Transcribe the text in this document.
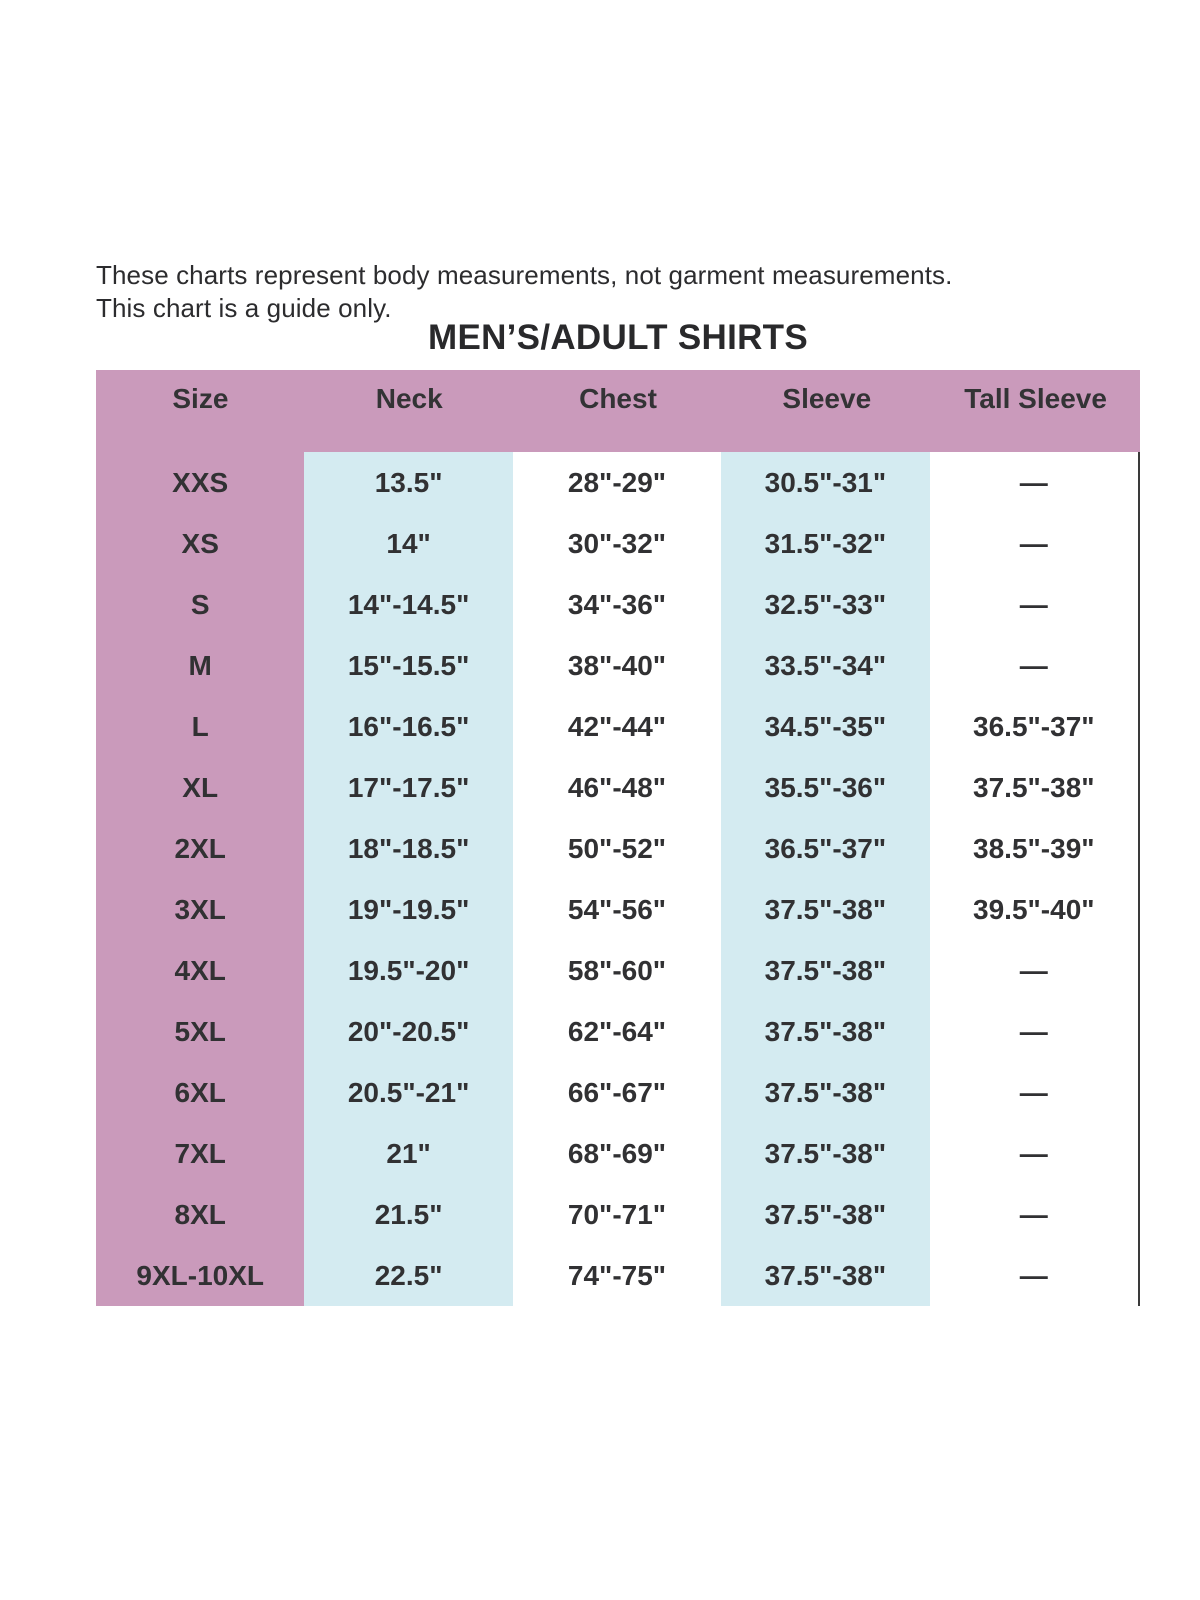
These charts represent body measurements, not garment measurements.
This chart is a guide only.
MEN’S/ADULT SHIRTS
Size	Neck	Chest	Sleeve	Tall Sleeve
XXS	13.5"	28"-29"	30.5"-31"	—
XS	14"	30"-32"	31.5"-32"	—
S	14"-14.5"	34"-36"	32.5"-33"	—
M	15"-15.5"	38"-40"	33.5"-34"	—
L	16"-16.5"	42"-44"	34.5"-35"	36.5"-37"
XL	17"-17.5"	46"-48"	35.5"-36"	37.5"-38"
2XL	18"-18.5"	50"-52"	36.5"-37"	38.5"-39"
3XL	19"-19.5"	54"-56"	37.5"-38"	39.5"-40"
4XL	19.5"-20"	58"-60"	37.5"-38"	—
5XL	20"-20.5"	62"-64"	37.5"-38"	—
6XL	20.5"-21"	66"-67"	37.5"-38"	—
7XL	21"	68"-69"	37.5"-38"	—
8XL	21.5"	70"-71"	37.5"-38"	—
9XL-10XL	22.5"	74"-75"	37.5"-38"	—
